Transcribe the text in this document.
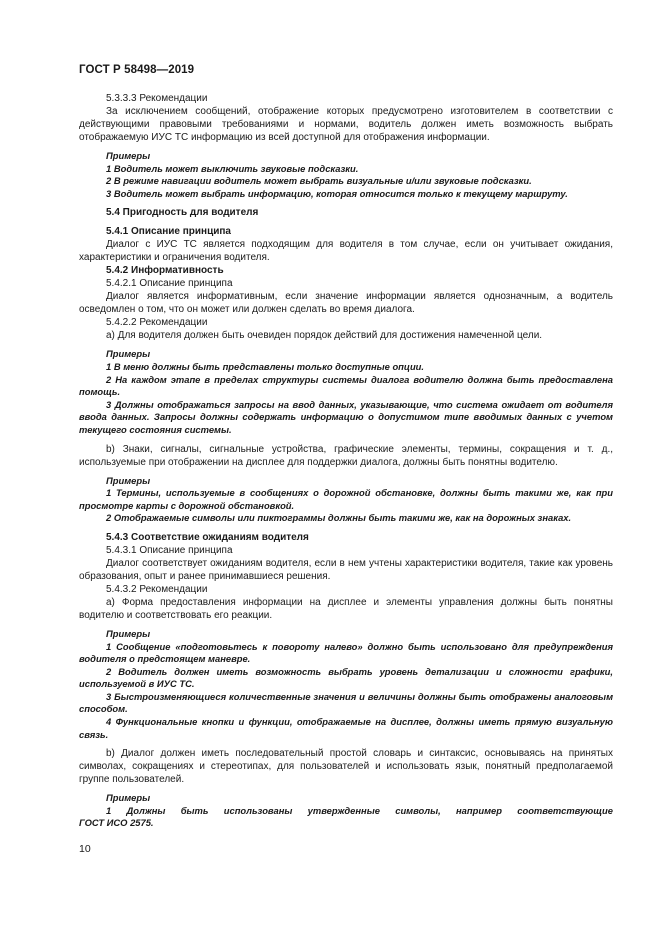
ГОСТ Р 58498—2019

5.3.3.3 Рекомендации

За исключением сообщений, отображение которых предусмотрено изготовителем в соответствии с действующими правовыми требованиями и нормами, водитель должен иметь возможность выбрать отображаемую ИУС ТС информацию из всей доступной для отображения информации.

Примеры

1 Водитель может выключить звуковые подсказки.

2 В режиме навигации водитель может выбрать визуальные и/или звуковые подсказки.

3 Водитель может выбрать информацию, которая относится только к текущему маршруту.

5.4 Пригодность для водителя

5.4.1 Описание принципа

Диалог с ИУС ТС является подходящим для водителя в том случае, если он учитывает ожидания, характеристики и ограничения водителя.

5.4.2 Информативность

5.4.2.1 Описание принципа

Диалог является информативным, если значение информации является однозначным, а водитель осведомлен о том, что он может или должен сделать во время диалога.

5.4.2.2 Рекомендации

а) Для водителя должен быть очевиден порядок действий для достижения намеченной цели.

Примеры

1 В меню должны быть представлены только доступные опции.

2 На каждом этапе в пределах структуры системы диалога водителю должна быть предоставлена помощь.

3 Должны отображаться запросы на ввод данных, указывающие, что система ожидает от водителя ввода данных. Запросы должны содержать информацию о допустимом типе вводимых данных с учетом текущего состояния системы.

b) Знаки, сигналы, сигнальные устройства, графические элементы, термины, сокращения и т. д., используемые при отображении на дисплее для поддержки диалога, должны быть понятны водителю.

Примеры

1 Термины, используемые в сообщениях о дорожной обстановке, должны быть такими же, как при просмотре карты с дорожной обстановкой.

2 Отображаемые символы или пиктограммы должны быть такими же, как на дорожных знаках.

5.4.3 Соответствие ожиданиям водителя

5.4.3.1 Описание принципа

Диалог соответствует ожиданиям водителя, если в нем учтены характеристики водителя, такие как уровень образования, опыт и ранее принимавшиеся решения.

5.4.3.2 Рекомендации

а) Форма предоставления информации на дисплее и элементы управления должны быть понятны водителю и соответствовать его реакции.

Примеры

1 Сообщение «подготовьтесь к повороту налево» должно быть использовано для предупреждения водителя о предстоящем маневре.

2 Водитель должен иметь возможность выбрать уровень детализации и сложности графики, используемой в ИУС ТС.

3 Быстроизменяющиеся количественные значения и величины должны быть отображены аналоговым способом.

4 Функциональные кнопки и функции, отображаемые на дисплее, должны иметь прямую визуальную связь.

b) Диалог должен иметь последовательный простой словарь и синтаксис, основываясь на принятых символах, сокращениях и стереотипах, для пользователей и использовать язык, понятный предполагаемой группе пользователей.

Примеры

1 Должны быть использованы утвержденные символы, например соответствующие

ГОСТ ИСО 2575.

10
